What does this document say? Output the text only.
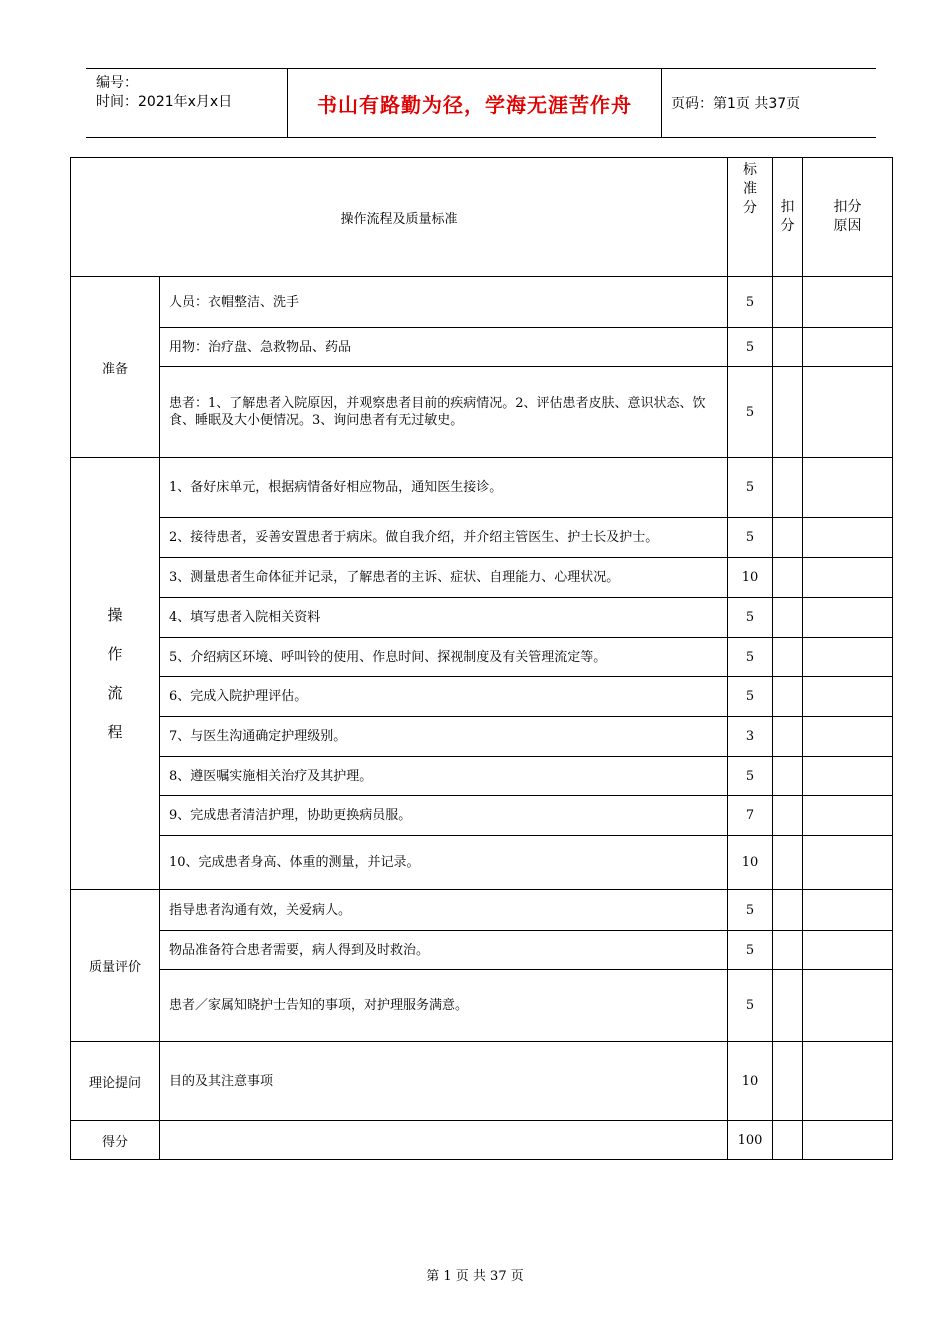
编号：
时间：2021年x月x日	书山有路勤为径，学海无涯苦作舟	页码：第1页 共37页
操作流程及质量标准		标准分	扣分	扣分原因
准备	人员：衣帽整洁、洗手	5		
	用物：治疗盘、急救物品、药品	5		
	患者：1、了解患者入院原因，并观察患者目前的疾病情况。2、评估患者皮肤、意识状态、饮食、睡眠及大小便情况。3、询问患者有无过敏史。	5		
操作流程	1、备好床单元，根据病情备好相应物品，通知医生接诊。	5		
	2、接待患者，妥善安置患者于病床。做自我介绍，并介绍主管医生、护士长及护士。	5		
	3、测量患者生命体征并记录，了解患者的主诉、症状、自理能力、心理状况。	10		
	4、填写患者入院相关资料	5		
	5、介绍病区环境、呼叫铃的使用、作息时间、探视制度及有关管理流定等。	5		
	6、完成入院护理评估。	5		
	7、与医生沟通确定护理级别。	3		
	8、遵医嘱实施相关治疗及其护理。	5		
	9、完成患者清洁护理，协助更换病员服。	7		
	10、完成患者身高、体重的测量，并记录。	10		
质量评价	指导患者沟通有效，关爱病人。	5		
	物品准备符合患者需要，病人得到及时救治。	5		
	患者／家属知晓护士告知的事项，对护理服务满意。	5		
理论提问	目的及其注意事项	10		
得分		100		
第 1 页 共 37 页
